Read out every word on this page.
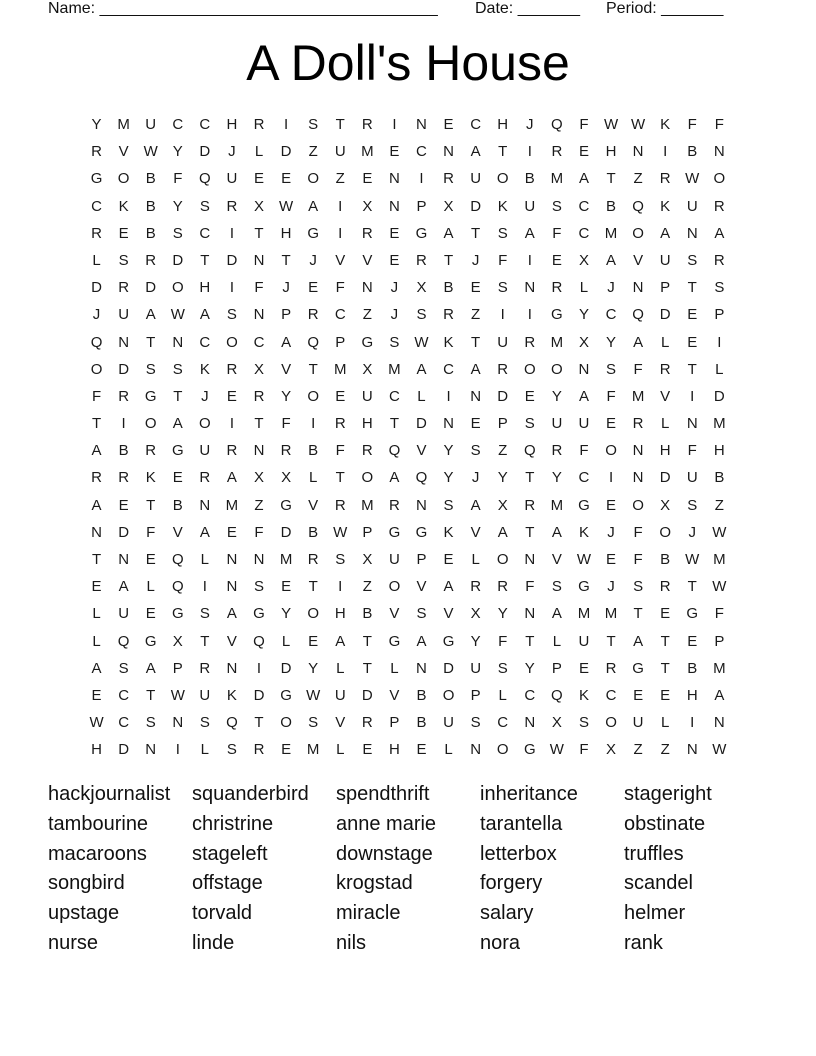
Name: ______________________________________ Date: _______ Period: _______
A Doll's House
Y	M	U	C	C	H	R	I	S	T	R	I	N	E	C	H	J	Q	F	W W K	F	F
R	V W Y	D	J	L	D	Z	U	M	E	C	N	A	T	I	R	E	H	N	I	B	N
G	O	B	F	Q	U	E	E	O	Z	E	N	I	R	U	O	B	M	A	T	Z	R W O
C	K	B	Y	S	R	X W A	I	X	N	P	X	D	K	U	S	C	B	Q	K	U	R
R	E	B	S	C	I	T	H	G	I	R	E	G	A	T	S	A	F	C	M	O	A	N	A
L	S	R	D	T	D	N	T	J	V	V	E	R	T	J	F	I	E	X	A	V	U	S	R
D	R	D	O	H	I	F	J	E	F	N	J	X	B	E	S	N	R	L	J	N	P	T	S
J	U	A W A	S	N	P	R	C	Z	J	S	R	Z	I	I	G	Y	C	Q	D	E	P
Q	N	T	N	C	O	C	A	Q	P	G	S W K	T	U	R	M	X	Y	A	L	E	I
O	D	S	S	K	R	X	V	T	M	X	M	A	C	A	R	O	O	N	S	F	R	T	L
F	R	G	T	J	E	R	Y	O	E	U	C	L	I	N	D	E	Y	A	F	M	V	I	D
T	I	O	A	O	I	T	F	I	R	H	T	D	N	E	P	S	U	U	E	R	L	N	M
A	B	R	G	U	R	N	R	B	F	R	Q	V	Y	S	Z	Q	R	F	O	N	H	F	H
R	R	K	E	R	A	X	X	L	T	O	A	Q	Y	J	Y	T	Y	C	I	N	D	U	B
A	E	T	B	N	M	Z	G	V	R	M	R	N	S	A	X	R	M	G	E	O	X	S	Z
N	D	F	V	A	E	F	D	B W P	G	G	K	V	A	T	A	K	J	F	O	J	W
T	N	E	Q	L	N	N	M	R	S	X	U	P	E	L	O	N	V W E	F	B W M
E	A	L	Q	I	N	S	E	T	I	Z	O	V	A	R	R	F	S	G	J	S	R	T	W
L	U	E	G	S	A	G	Y	O	H	B	V	S	V	X	Y	N	A	M M	T	E	G	F
L	Q	G	X	T	V	Q	L	E	A	T	G	A	G	Y	F	T	L	U	T	A	T	E	P
A	S	A	P	R	N	I	D	Y	L	T	L	N	D	U	S	Y	P	E	R	G	T	B	M
E	C	T	W U	K	D	G W U	D	V	B	O	P	L	C	Q	K	C	E	E	H	A
W C	S	N	S	Q	T	O	S	V	R	P	B	U	S	C	N	X	S	O	U	L	I	N
H	D	N	I	L	S	R	E	M	L	E	H	E	L	N	O	G W	F	X	Z	Z	N W
hackjournalist	squanderbird	spendthrift	inheritance	stageright
tambourine	christrine	anne marie	tarantella	obstinate
macaroons	stageleft	downstage	letterbox	truffles
songbird	offstage	krogstad	forgery	scandel
upstage	torvald	miracle	salary	helmer
nurse	linde	nils	nora	rank
